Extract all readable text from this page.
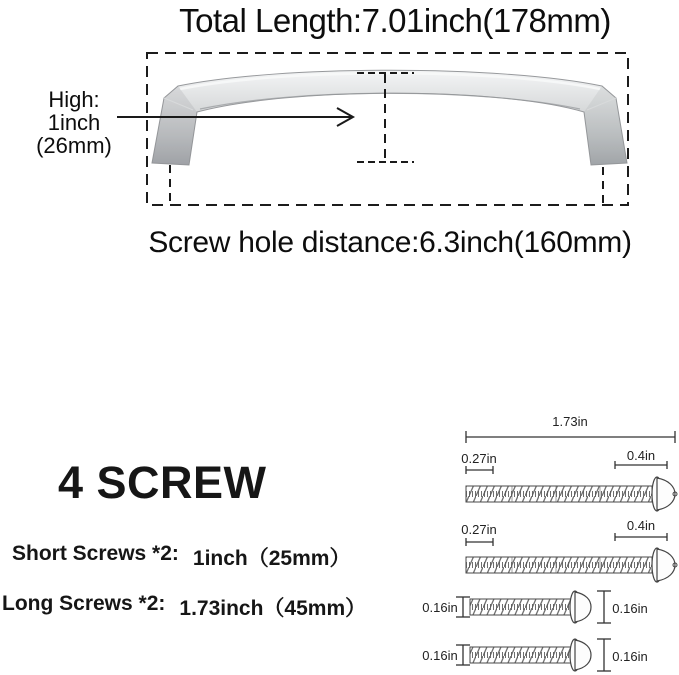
Total Length:7.01inch(178mm)
High:
1inch
(26mm)
Screw hole distance:6.3inch(160mm)
4 SCREW
Short Screws *2: 1inch（25mm）
Long Screws *2: 1.73inch（45mm）
1.73in
0.27in	0.4in
0.27in	0.4in
0.16in	0.16in
0.16in	0.16in
